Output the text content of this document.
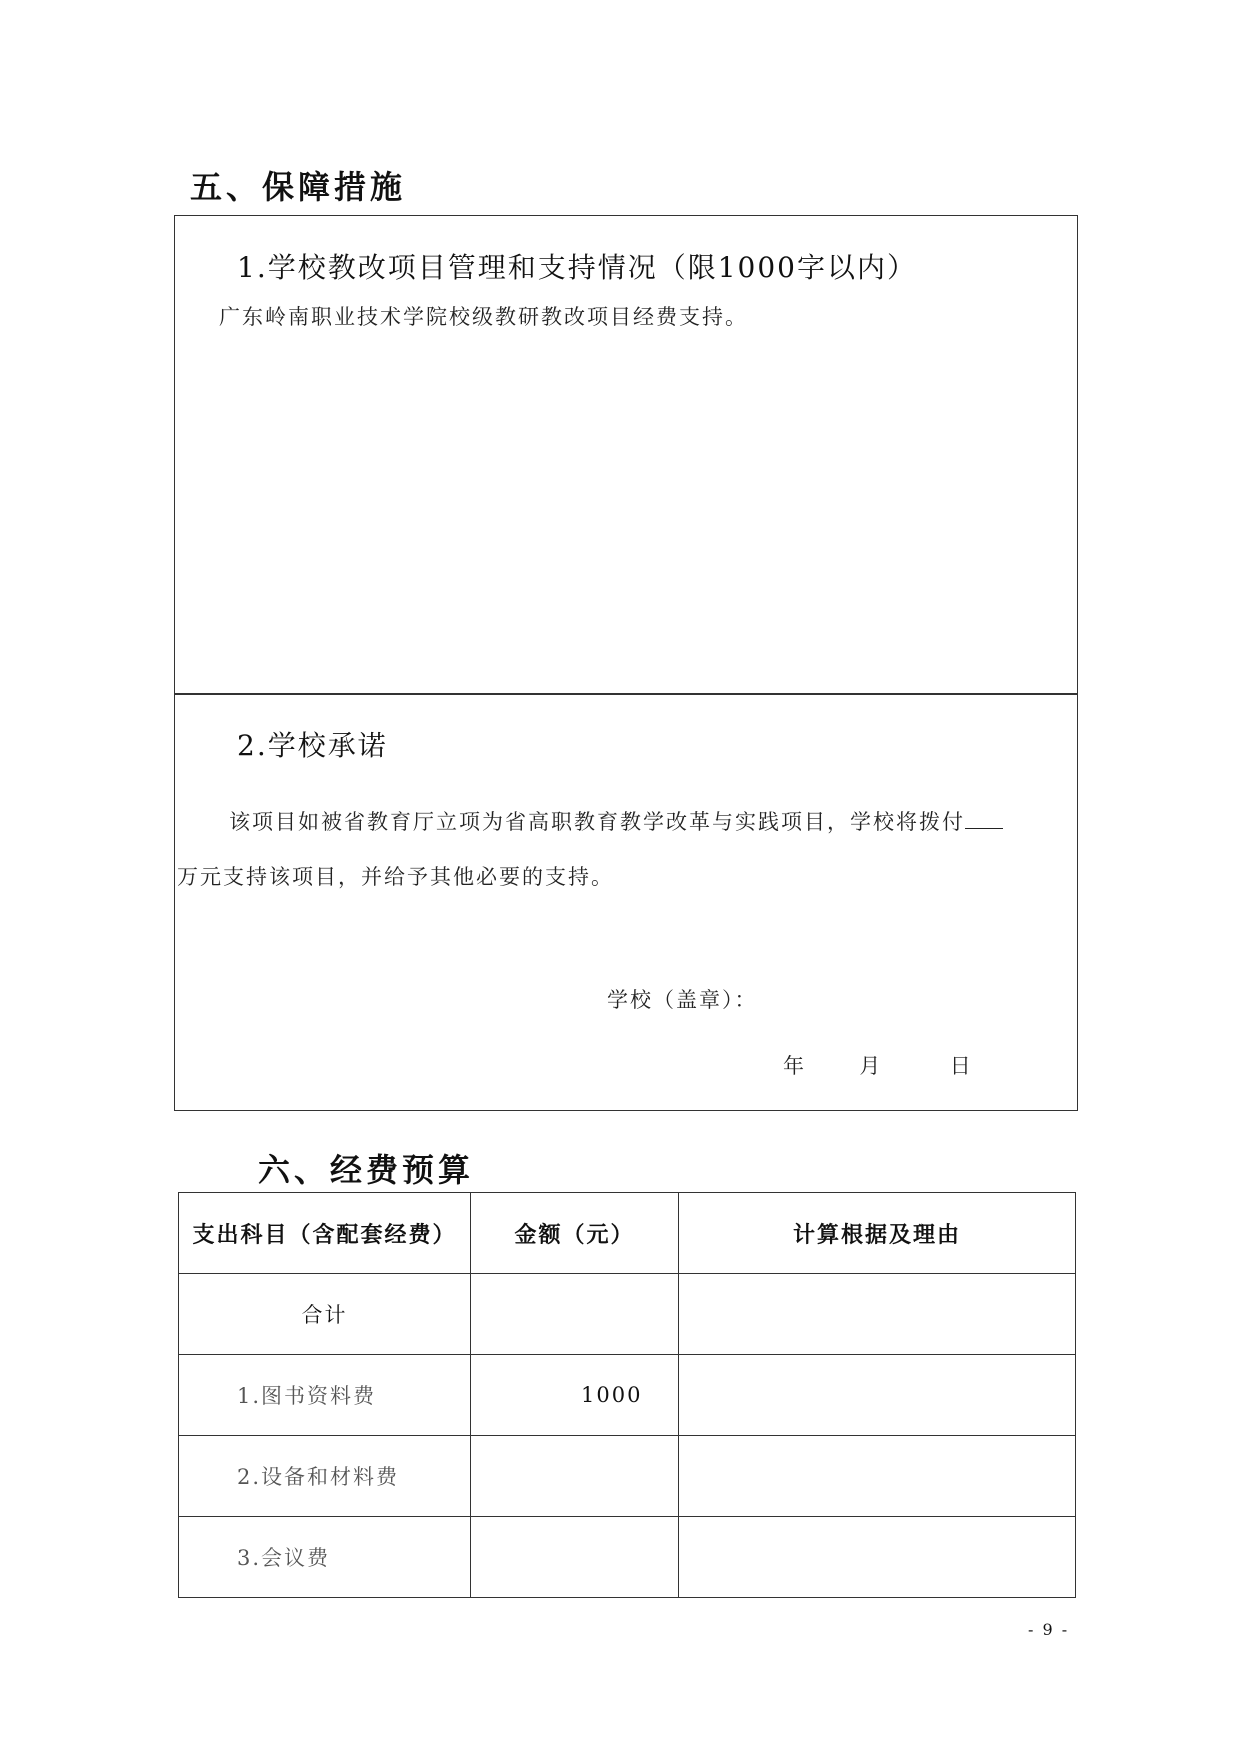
五、保障措施
1.学校教改项目管理和支持情况（限1000字以内）
广东岭南职业技术学院校级教研教改项目经费支持。
2.学校承诺
该项目如被省教育厅立项为省高职教育教学改革与实践项目，学校将拨付
万元支持该项目，并给予其他必要的支持。
学校（盖章）：
年	月	日
六、经费预算
支出科目（含配套经费）	金额（元）	计算根据及理由
合计		
1.图书资料费	1000	
2.设备和材料费		
3.会议费		
- 9 -
